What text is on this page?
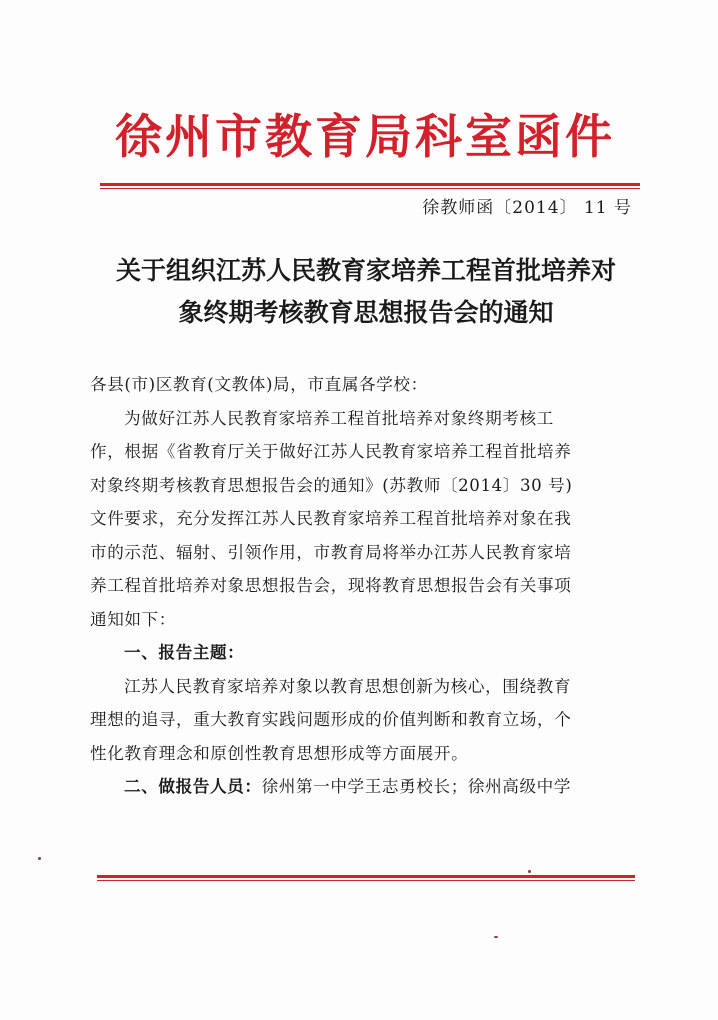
徐州市教育局科室函件
徐教师函〔2014〕 11 号
关于组织江苏人民教育家培养工程首批培养对
象终期考核教育思想报告会的通知

各县(市)区教育(文教体)局，市直属各学校：

为做好江苏人民教育家培养工程首批培养对象终期考核工

作，根据《省教育厅关于做好江苏人民教育家培养工程首批培养

对象终期考核教育思想报告会的通知》(苏教师〔2014〕30 号)

文件要求，充分发挥江苏人民教育家培养工程首批培养对象在我

市的示范、辐射、引领作用，市教育局将举办江苏人民教育家培

养工程首批培养对象思想报告会，现将教育思想报告会有关事项

通知如下：

一、报告主题：

江苏人民教育家培养对象以教育思想创新为核心，围绕教育

理想的追寻，重大教育实践问题形成的价值判断和教育立场，个

性化教育理念和原创性教育思想形成等方面展开。

二、做报告人员：徐州第一中学王志勇校长；徐州高级中学
